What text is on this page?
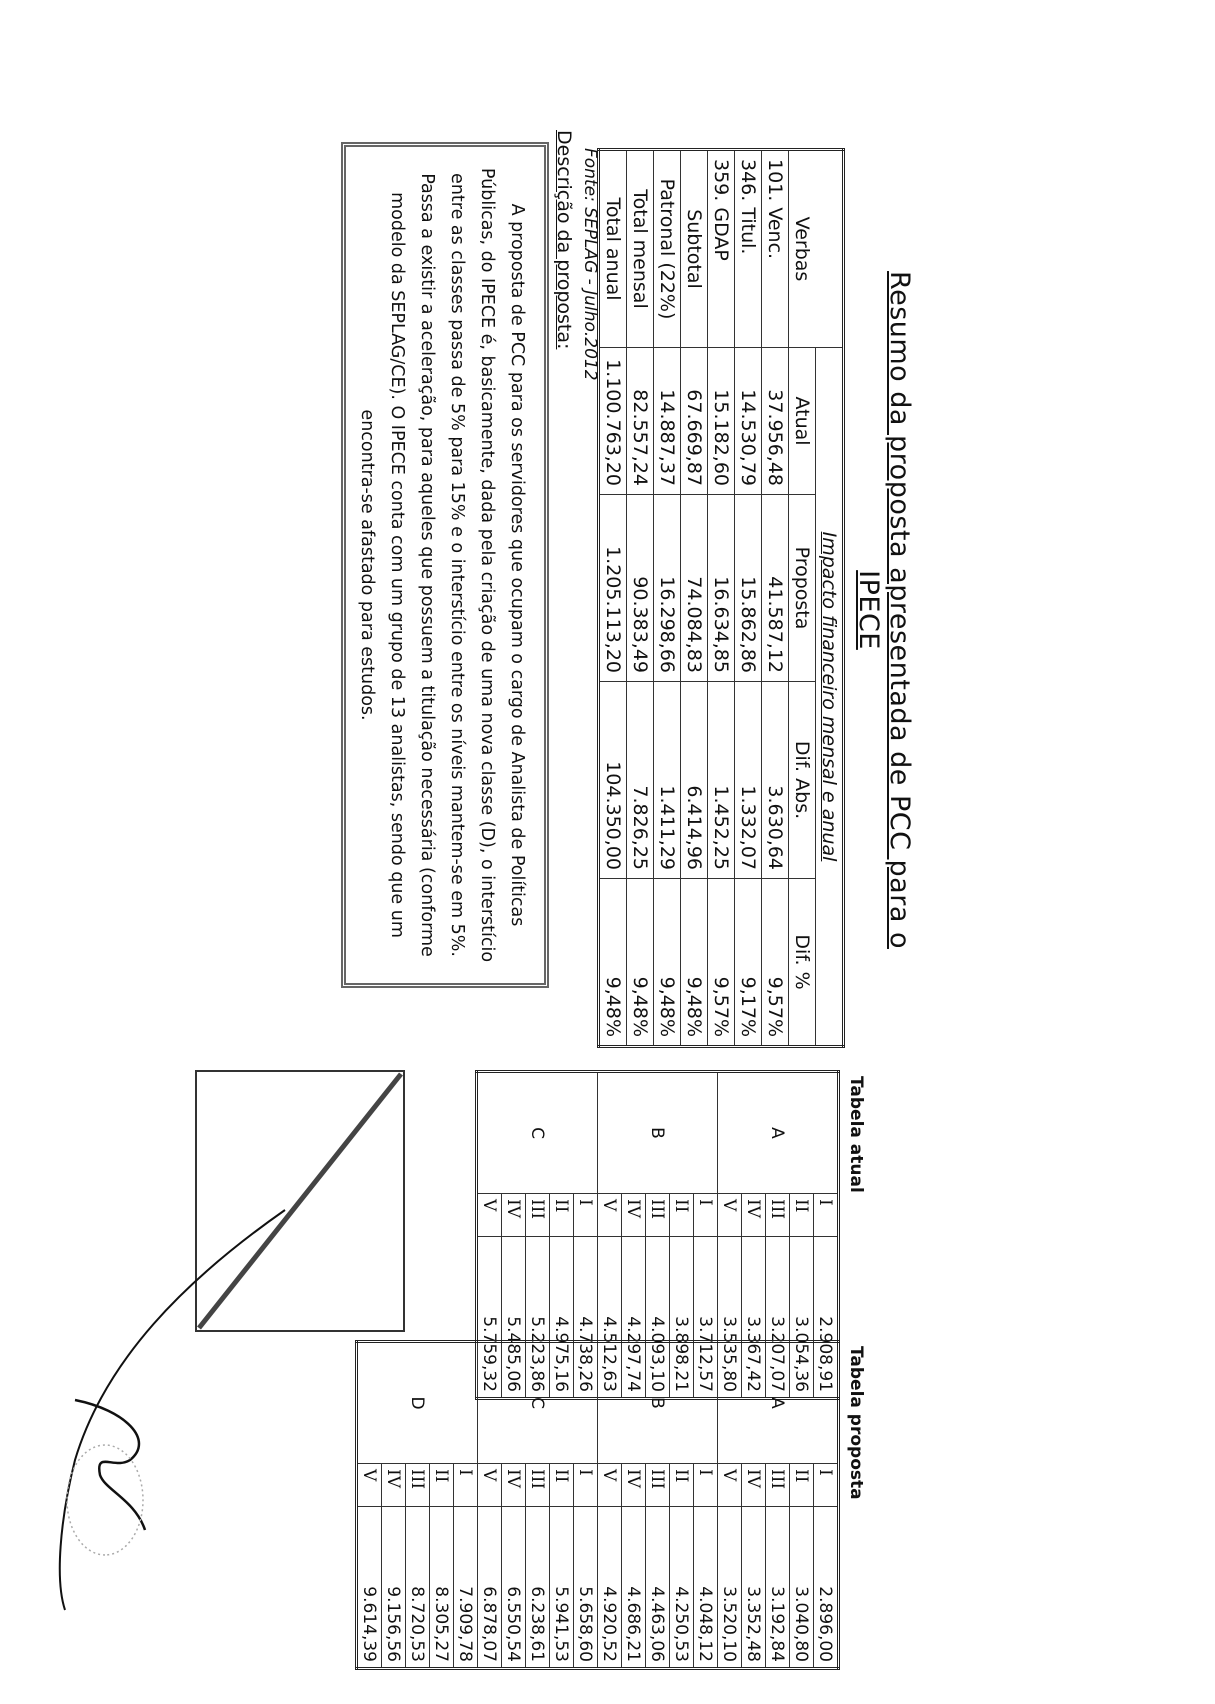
Resumo da proposta apresentada de PCC para o IPECE
	Impacto financeiro mensal e anual			
Verbas	Atual	Proposta	Dif. Abs.	Dif. %
101. Venc.	37.956,48	41.587,12	3.630,64	9,57%
346. Titul.	14.530,79	15.862,86	1.332,07	9,17%
359. GDAP	15.182,60	16.634,85	1.452,25	9,57%
Subtotal	67.669,87	74.084,83	6.414,96	9,48%
Patronal (22%)	14.887,37	16.298,66	1.411,29	9,48%
Total mensal	82.557,24	90.383,49	7.826,25	9,48%
Total anual	1.100.763,20	1.205.113,20	104.350,00	9,48%
Fonte: SEPLAG - Julho.2012
Descrição da proposta:
A proposta de PCC para os servidores que ocupam o cargo de Analista de Políticas Públicas, do IPECE é, basicamente, dada pela criação de uma nova classe (D), o interstício entre as classes passa de 5% para 15% e o interstício entre os níveis mantem-se em 5%. Passa a existir a aceleração, para aqueles que possuem a titulação necessária (conforme modelo da SEPLAG/CE). O IPECE conta com um grupo de 13 analistas, sendo que um encontra-se afastado para estudos.
Tabela atual
A	I	2.908,91
	II	3.054,36
	III	3.207,07
	IV	3.367,42
	V	3.535,80
B	I	3.712,57
	II	3.898,21
	III	4.093,10
	IV	4.297,74
	V	4.512,63
C	I	4.738,26
	II	4.975,16
	III	5.223,86
	IV	5.485,06
	V	5.759,32	Tabela proposta
A	I	2.896,00
	II	3.040,80
	III	3.192,84
	IV	3.352,48
	V	3.520,10
B	I	4.048,12
	II	4.250,53
	III	4.463,06
	IV	4.686,21
	V	4.920,52
C	I	5.658,60
	II	5.941,53
	III	6.238,61
	IV	6.550,54
	V	6.878,07
D	I	7.909,78
	II	8.305,27
	III	8.720,53
	IV	9.156,56
	V	9.614,39
